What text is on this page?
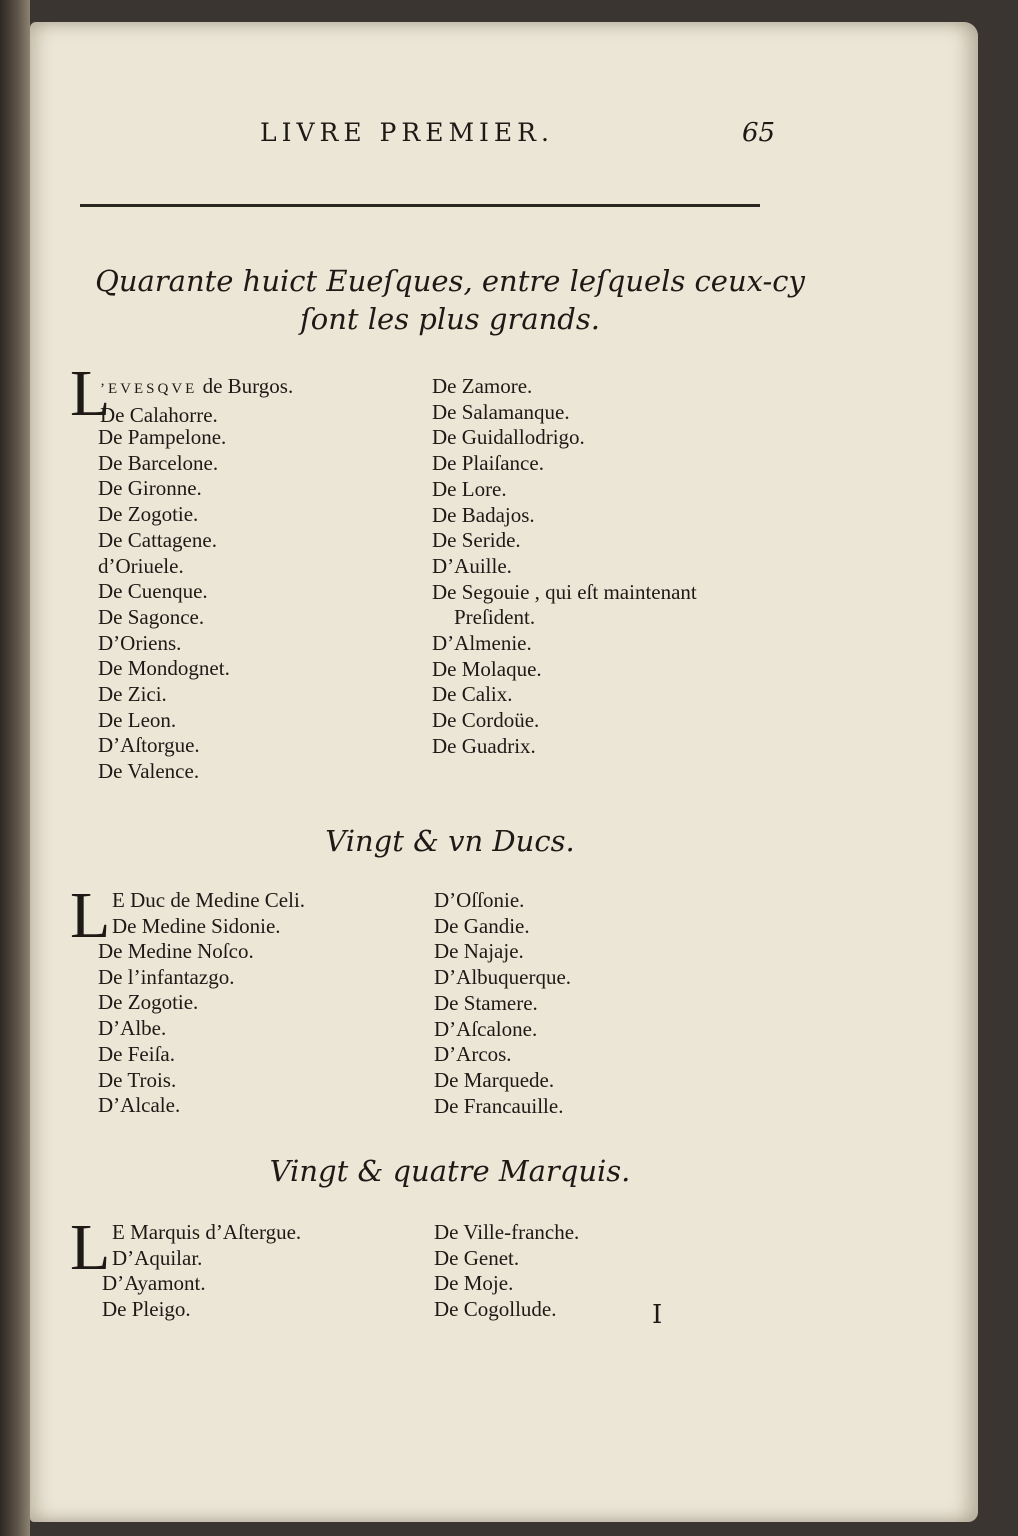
LIVRE PREMIER.	65
Quarante huict Eueſques, entre leſquels ceux-cy
ſont les plus grands.
L
’EVESQVE de Burgos.
De Calahorre.
De Pampelone.
De Barcelone.
De Gironne.
De Zogotie.
De Cattagene.
d’Oriuele.
De Cuenque.
De Sagonce.
D’Oriens.
De Mondognet.
De Zici.
De Leon.
D’Aſtorgue.
De Valence.
De Zamore.
De Salamanque.
De Guidallodrigo.
De Plaiſance.
De Lore.
De Badajos.
De Seride.
D’Auille.
De Segouie , qui eſt maintenant
Preſident.
D’Almenie.
De Molaque.
De Calix.
De Cordoüe.
De Guadrix.
Vingt & vn Ducs.
L E Duc de Medine Celi.
De Medine Sidonie.
De Medine Noſco.
De l’infantazgo.
De Zogotie.
D’Albe.
De Feiſa.
De Trois.
D’Alcale.
D’Oſſonie.
De Gandie.
De Najaje.
D’Albuquerque.
De Stamere.
D’Aſcalone.
D’Arcos.
De Marquede.
De Francauille.
Vingt & quatre Marquis.
L E Marquis d’Aſtergue.
D’Aquilar.
D’Ayamont.
De Pleigo.
De Ville-franche.
De Genet.
De Moje.
De Cogollude.	I
